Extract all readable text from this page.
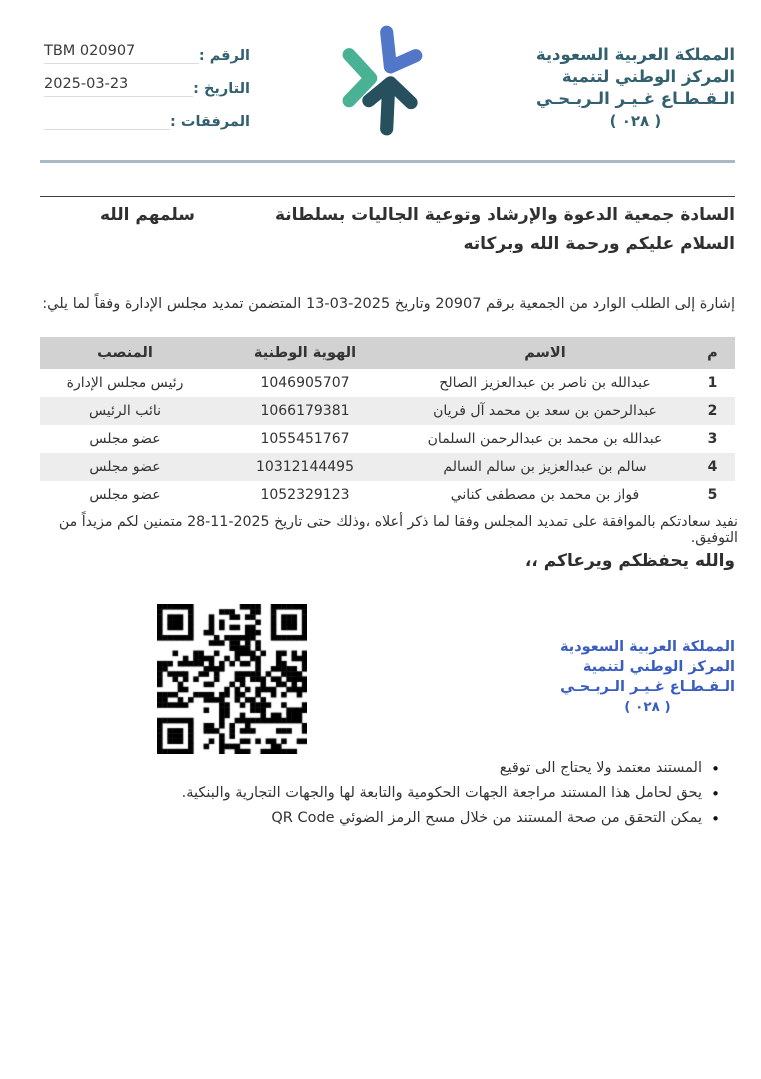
الرقم :
TBM 020907
التاريخ :
2025-03-23
المرفقات :
المملكة العربية السعودية
المركز الوطني لتنمية
الـقـطـاع غـيـر الـربـحـي
( ٠٢٨ )
السادة جمعية الدعوة والإرشاد وتوعية الجاليات بسلطانة
سلمهم الله
السلام عليكم ورحمة الله وبركاته

إشارة إلى الطلب الوارد من الجمعية برقم 20907 وتاريخ 2025-03-13 المتضمن تمديد مجلس الإدارة وفقاً لما يلي:

م	الاسم	الهوية الوطنية	المنصب
1	عبدالله بن ناصر بن عبدالعزيز الصالح	1046905707	رئيس مجلس الإدارة
2	عبدالرحمن بن سعد بن محمد آل فريان	1066179381	نائب الرئيس
3	عبدالله بن محمد بن عبدالرحمن السلمان	1055451767	عضو مجلس
4	سالم بن عبدالعزيز بن سالم السالم	10312144495	عضو مجلس
5	فواز بن محمد بن مصطفى كناني	1052329123	عضو مجلس

نفيد سعادتكم بالموافقة على تمديد المجلس وفقا لما ذكر أعلاه ،وذلك حتى تاريخ 2025-11-28 متمنين لكم مزيداً من التوفيق.

والله يحفظكم ويرعاكم ،،

المملكة العربية السعودية
المركز الوطني لتنمية
الـقـطـاع غـيـر الـربـحـي
( ٠٢٨ )
• المستند معتمد ولا يحتاج الى توقيع
• يحق لحامل هذا المستند مراجعة الجهات الحكومية والتابعة لها والجهات التجارية والبنكية.
• يمكن التحقق من صحة المستند من خلال مسح الرمز الضوئي QR Code
